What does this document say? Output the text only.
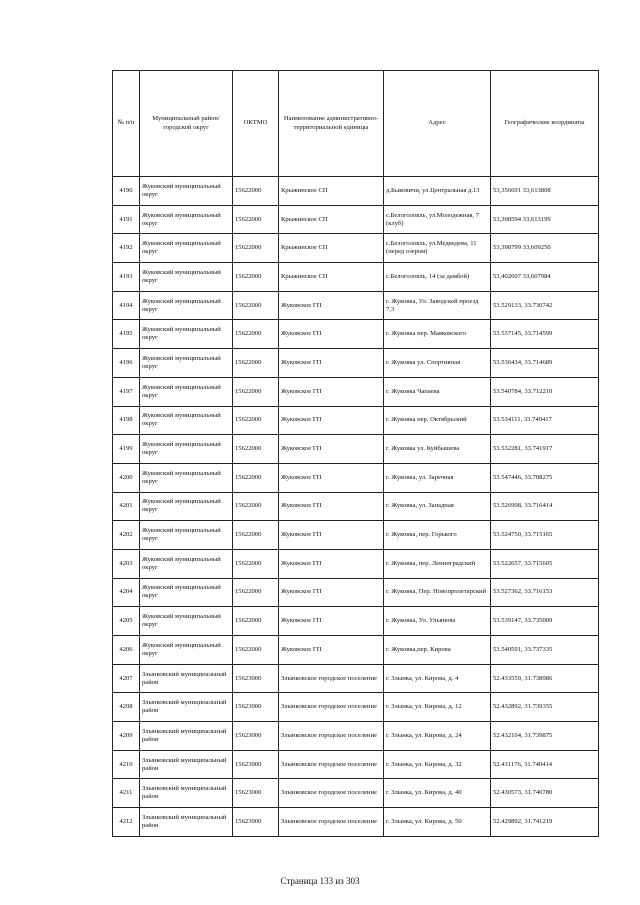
№ п/п	Муниципальный район/городской округ	ОКТМО	Наименование административно-территориальной единицы	Адрес	Географические координаты
4190	Жуковский муниципальный округ	15622000	Крыжинское СП	д.Быковичи, ул.Центральная д.13	53,356691 33,613808
4191	Жуковский муниципальный округ	15622000	Крыжинское СП	с.Белоголовль, ул.Молодежная, 7 (клуб)	53,398594 33,613199
4192	Жуковский муниципальный округ	15622000	Крыжинское СП	с.Белоголовль, ул.Медведева, 11 (перед озером)	53,398799 33,609250
4193	Жуковский муниципальный округ	15622000	Крыжинское СП	с.Белоголовль, 14 (за дамбой)	53,402607 33,607984
4194	Жуковский муниципальный округ	15622000	Жуковское ГП	г. Жуковка, Ул. Заводской проезд 7,3	53.529133, 33.730742
4195	Жуковский муниципальный округ	15622000	Жуковское ГП	г. Жуковка пер. Маяковского	53.537145, 33.714599
4196	Жуковский муниципальный округ	15622000	Жуковское ГП	г. Жуковка ул. Спортивная	53.536434, 33.714689
4197	Жуковский муниципальный округ	15622000	Жуковское ГП	г. Жуковка Чапаева	53.540784, 33.712210
4198	Жуковский муниципальный округ	15622000	Жуковское ГП	г. Жуковка пер. Октябрьский	53.534111, 33.740417
4199	Жуковский муниципальный округ	15622000	Жуковское ГП	г. Жуковка ул. Куйбышева	53.532281, 33.741917
4200	Жуковский муниципальный округ	15622000	Жуковское ГП	г. Жуковка, ул. Заречная	53.547446, 33.708275
4201	Жуковский муниципальный округ	15622000	Жуковское ГП	г. Жуковка, ул. Западная	53.526998, 33.716414
4202	Жуковский муниципальный округ	15622000	Жуковское ГП	г. Жуковка, пер. Горького	53.524750, 33.715165
4203	Жуковский муниципальный округ	15622000	Жуковское ГП	г. Жуковка, пер. Ленинградский	53.522657, 33.715605
4204	Жуковский муниципальный округ	15622000	Жуковское ГП	г. Жуковка, Пер. Новопролетарский	53.527362, 33.716153
4205	Жуковский муниципальный округ	15622000	Жуковское ГП	г. Жуковка, Ул. Ульянова	53.539147, 33.735009
4206	Жуковский муниципальный округ	15622000	Жуковское ГП	г. Жуковка,пер. Кирова	53.540591, 33.737335
4207	Злынковский муниципальный район	15623000	Злынковское городское поселение	г. Злынка, ул. Кирова, д. 4	52.433559, 31.738986
4208	Злынковский муниципальный район	15623000	Злынковское городское поселение	г. Злынка, ул. Кирова, д. 12	52.432892, 31.739355
4209	Злынковский муниципальный район	15623000	Злынковское городское поселение	г. Злынка, ул. Кирова, д. 24	52.432104, 31.739875
4210	Злынковский муниципальный район	15623000	Злынковское городское поселение	г. Злынка, ул. Кирова, д. 32	52.431176, 31.740414
4211	Злынковский муниципальный район	15623000	Злынковское городское поселение	г. Злынка, ул. Кирова, д. 40	52.430573, 31.740780
4212	Злынковский муниципальный район	15623000	Злынковское городское поселение	г. Злынка, ул. Кирова, д. 50	52.429892, 31.741219
Страница 133 из 303
